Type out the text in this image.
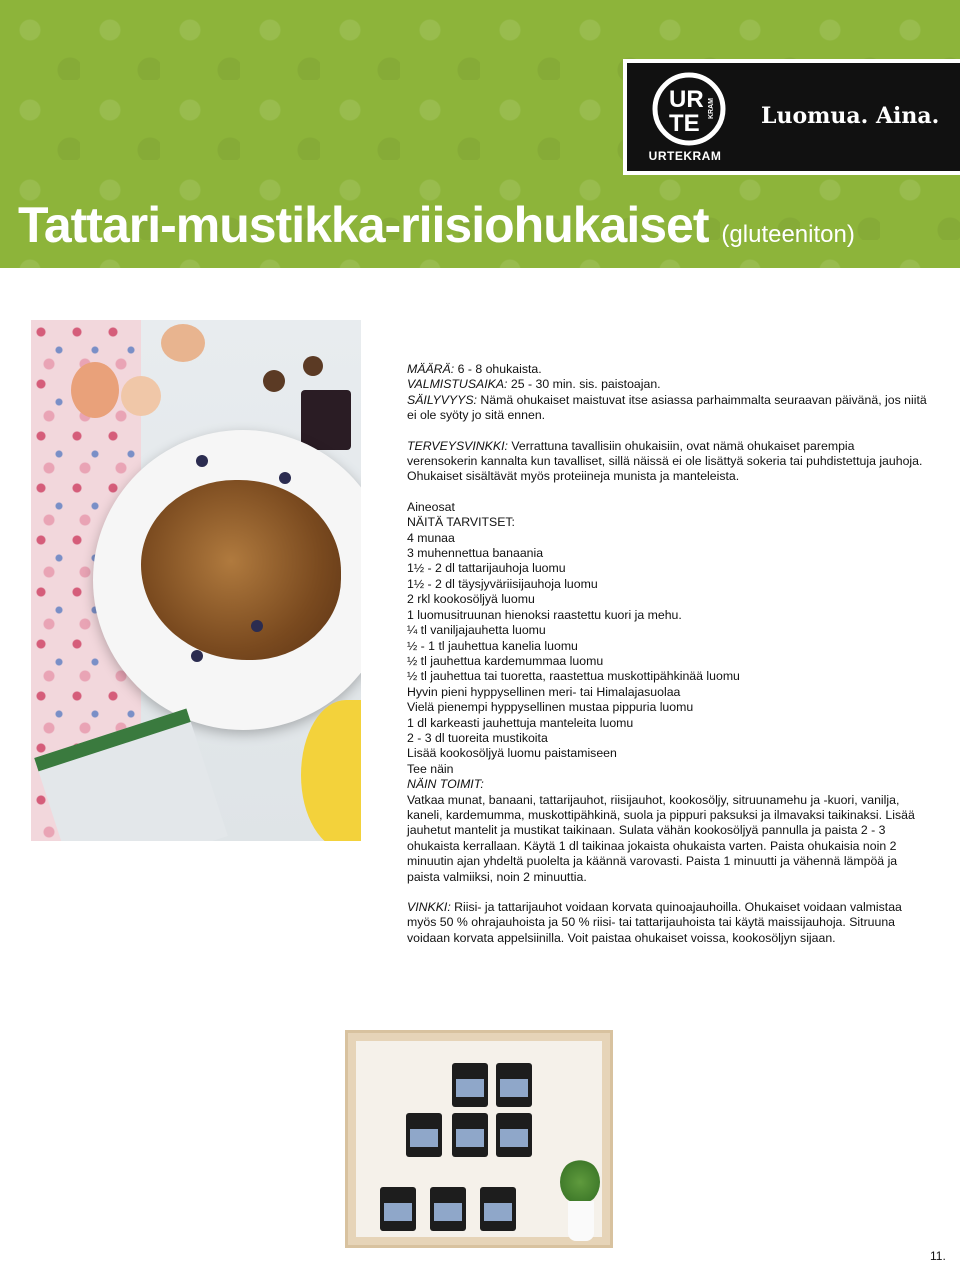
UR
TE
KRAM
URTEKRAM
Luomua. Aina.
Tattari-mustikka-riisiohukaiset (gluteeniton)

MÄÄRÄ: 6 - 8 ohukaista.

VALMISTUSAIKA: 25 - 30 min. sis. paistoajan.

SÄILYVYYS: Nämä ohukaiset maistuvat itse asiassa parhaimmalta seuraavan päivänä, jos niitä ei ole syöty jo sitä ennen.

TERVEYSVINKKI: Verrattuna tavallisiin ohukaisiin, ovat nämä ohukaiset parempia verensokerin kannalta kun tavalliset, sillä näissä ei ole lisättyä sokeria tai puhdistettuja jauhoja. Ohukaiset sisältävät myös proteiineja munista ja manteleista.

Aineosat

NÄITÄ TARVITSET:

4 munaa

3 muhennettua banaania

1½ - 2 dl tattarijauhoja luomu

1½ - 2 dl täysjyväriisijauhoja luomu

2 rkl kookosöljyä luomu

1 luomusitruunan hienoksi raastettu kuori ja mehu.

¼ tl vaniljajauhetta luomu

½ - 1 tl jauhettua kanelia luomu

½ tl jauhettua kardemummaa luomu

½ tl jauhettua tai tuoretta, raastettua muskottipähkinää luomu

Hyvin pieni hyppysellinen meri- tai Himalajasuolaa

Vielä pienempi hyppysellinen mustaa pippuria luomu

1 dl karkeasti jauhettuja manteleita luomu

2 - 3 dl tuoreita mustikoita

Lisää kookosöljyä luomu paistamiseen

Tee näin

NÄIN TOIMIT:

Vatkaa munat, banaani, tattarijauhot, riisijauhot, kookosöljy, sitruunamehu ja -kuori, vanilja, kaneli, kardemumma, muskottipähkinä, suola ja pippuri paksuksi ja ilmavaksi taikinaksi. Lisää jauhetut mantelit ja mustikat taikinaan. Sulata vähän kookosöljyä pannulla ja paista 2 - 3 ohukaista kerrallaan. Käytä 1 dl taikinaa jokaista ohukaista varten. Paista ohukaisia noin 2 minuutin ajan yhdeltä puolelta ja käännä varovasti. Paista 1 minuutti ja vähennä lämpöä ja paista valmiiksi, noin 2 minuuttia.

VINKKI: Riisi- ja tattarijauhot voidaan korvata quinoajauhoilla. Ohukaiset voidaan valmistaa myös 50 % ohrajauhoista ja 50 % riisi- tai tattarijauhoista tai käytä maissijauhoja. Sitruuna voidaan korvata appelsiinilla. Voit paistaa ohukaiset voissa, kookosöljyn sijaan.

11.
